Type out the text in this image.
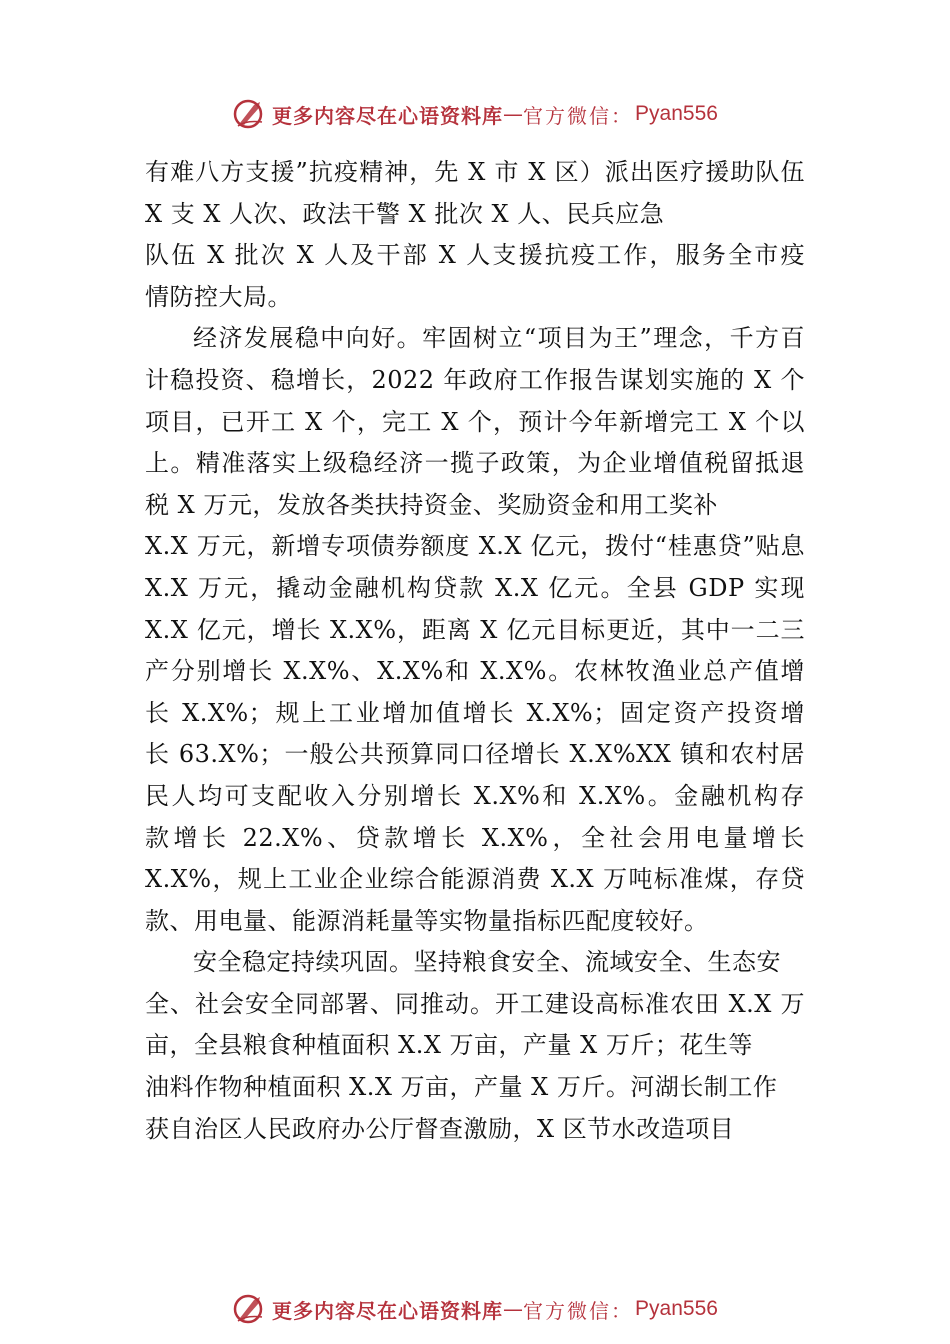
更多内容尽在心语资料库 — 官方微信： Pyan556
有难八方支援”抗疫精神，先 X 市 X 区）派出医疗援助队伍
X 支 X 人次、政法干警 X 批次 X 人、民兵应急
队伍 X 批次 X 人及干部 X 人支援抗疫工作，服务全市疫
情防控大局。
经济发展稳中向好。牢固树立“项目为王”理念，千方百
计稳投资、稳增长，2022 年政府工作报告谋划实施的 X 个
项目，已开工 X 个，完工 X 个，预计今年新增完工 X 个以
上。精准落实上级稳经济一揽子政策，为企业增值税留抵退
税 X 万元，发放各类扶持资金、奖励资金和用工奖补
X.X 万元，新增专项债券额度 X.X 亿元，拨付“桂惠贷”贴息
X.X 万元，撬动金融机构贷款 X.X 亿元。全县 GDP 实现
X.X 亿元，增长 X.X%，距离 X 亿元目标更近，其中一二三
产分别增长 X.X%、X.X%和 X.X%。农林牧渔业总产值增
长 X.X%；规上工业增加值增长 X.X%；固定资产投资增
长 63.X%；一般公共预算同口径增长 X.X%XX 镇和农村居
民人均可支配收入分别增长 X.X%和 X.X%。金融机构存
款增长 22.X%、贷款增长 X.X%，全社会用电量增长
X.X%，规上工业企业综合能源消费 X.X 万吨标准煤，存贷
款、用电量、能源消耗量等实物量指标匹配度较好。
安全稳定持续巩固。坚持粮食安全、流域安全、生态安
全、社会安全同部署、同推动。开工建设高标准农田 X.X 万
亩，全县粮食种植面积 X.X 万亩，产量 X 万斤；花生等
油料作物种植面积 X.X 万亩，产量 X 万斤。河湖长制工作
获自治区人民政府办公厅督查激励，X 区节水改造项目
更多内容尽在心语资料库 — 官方微信： Pyan556
